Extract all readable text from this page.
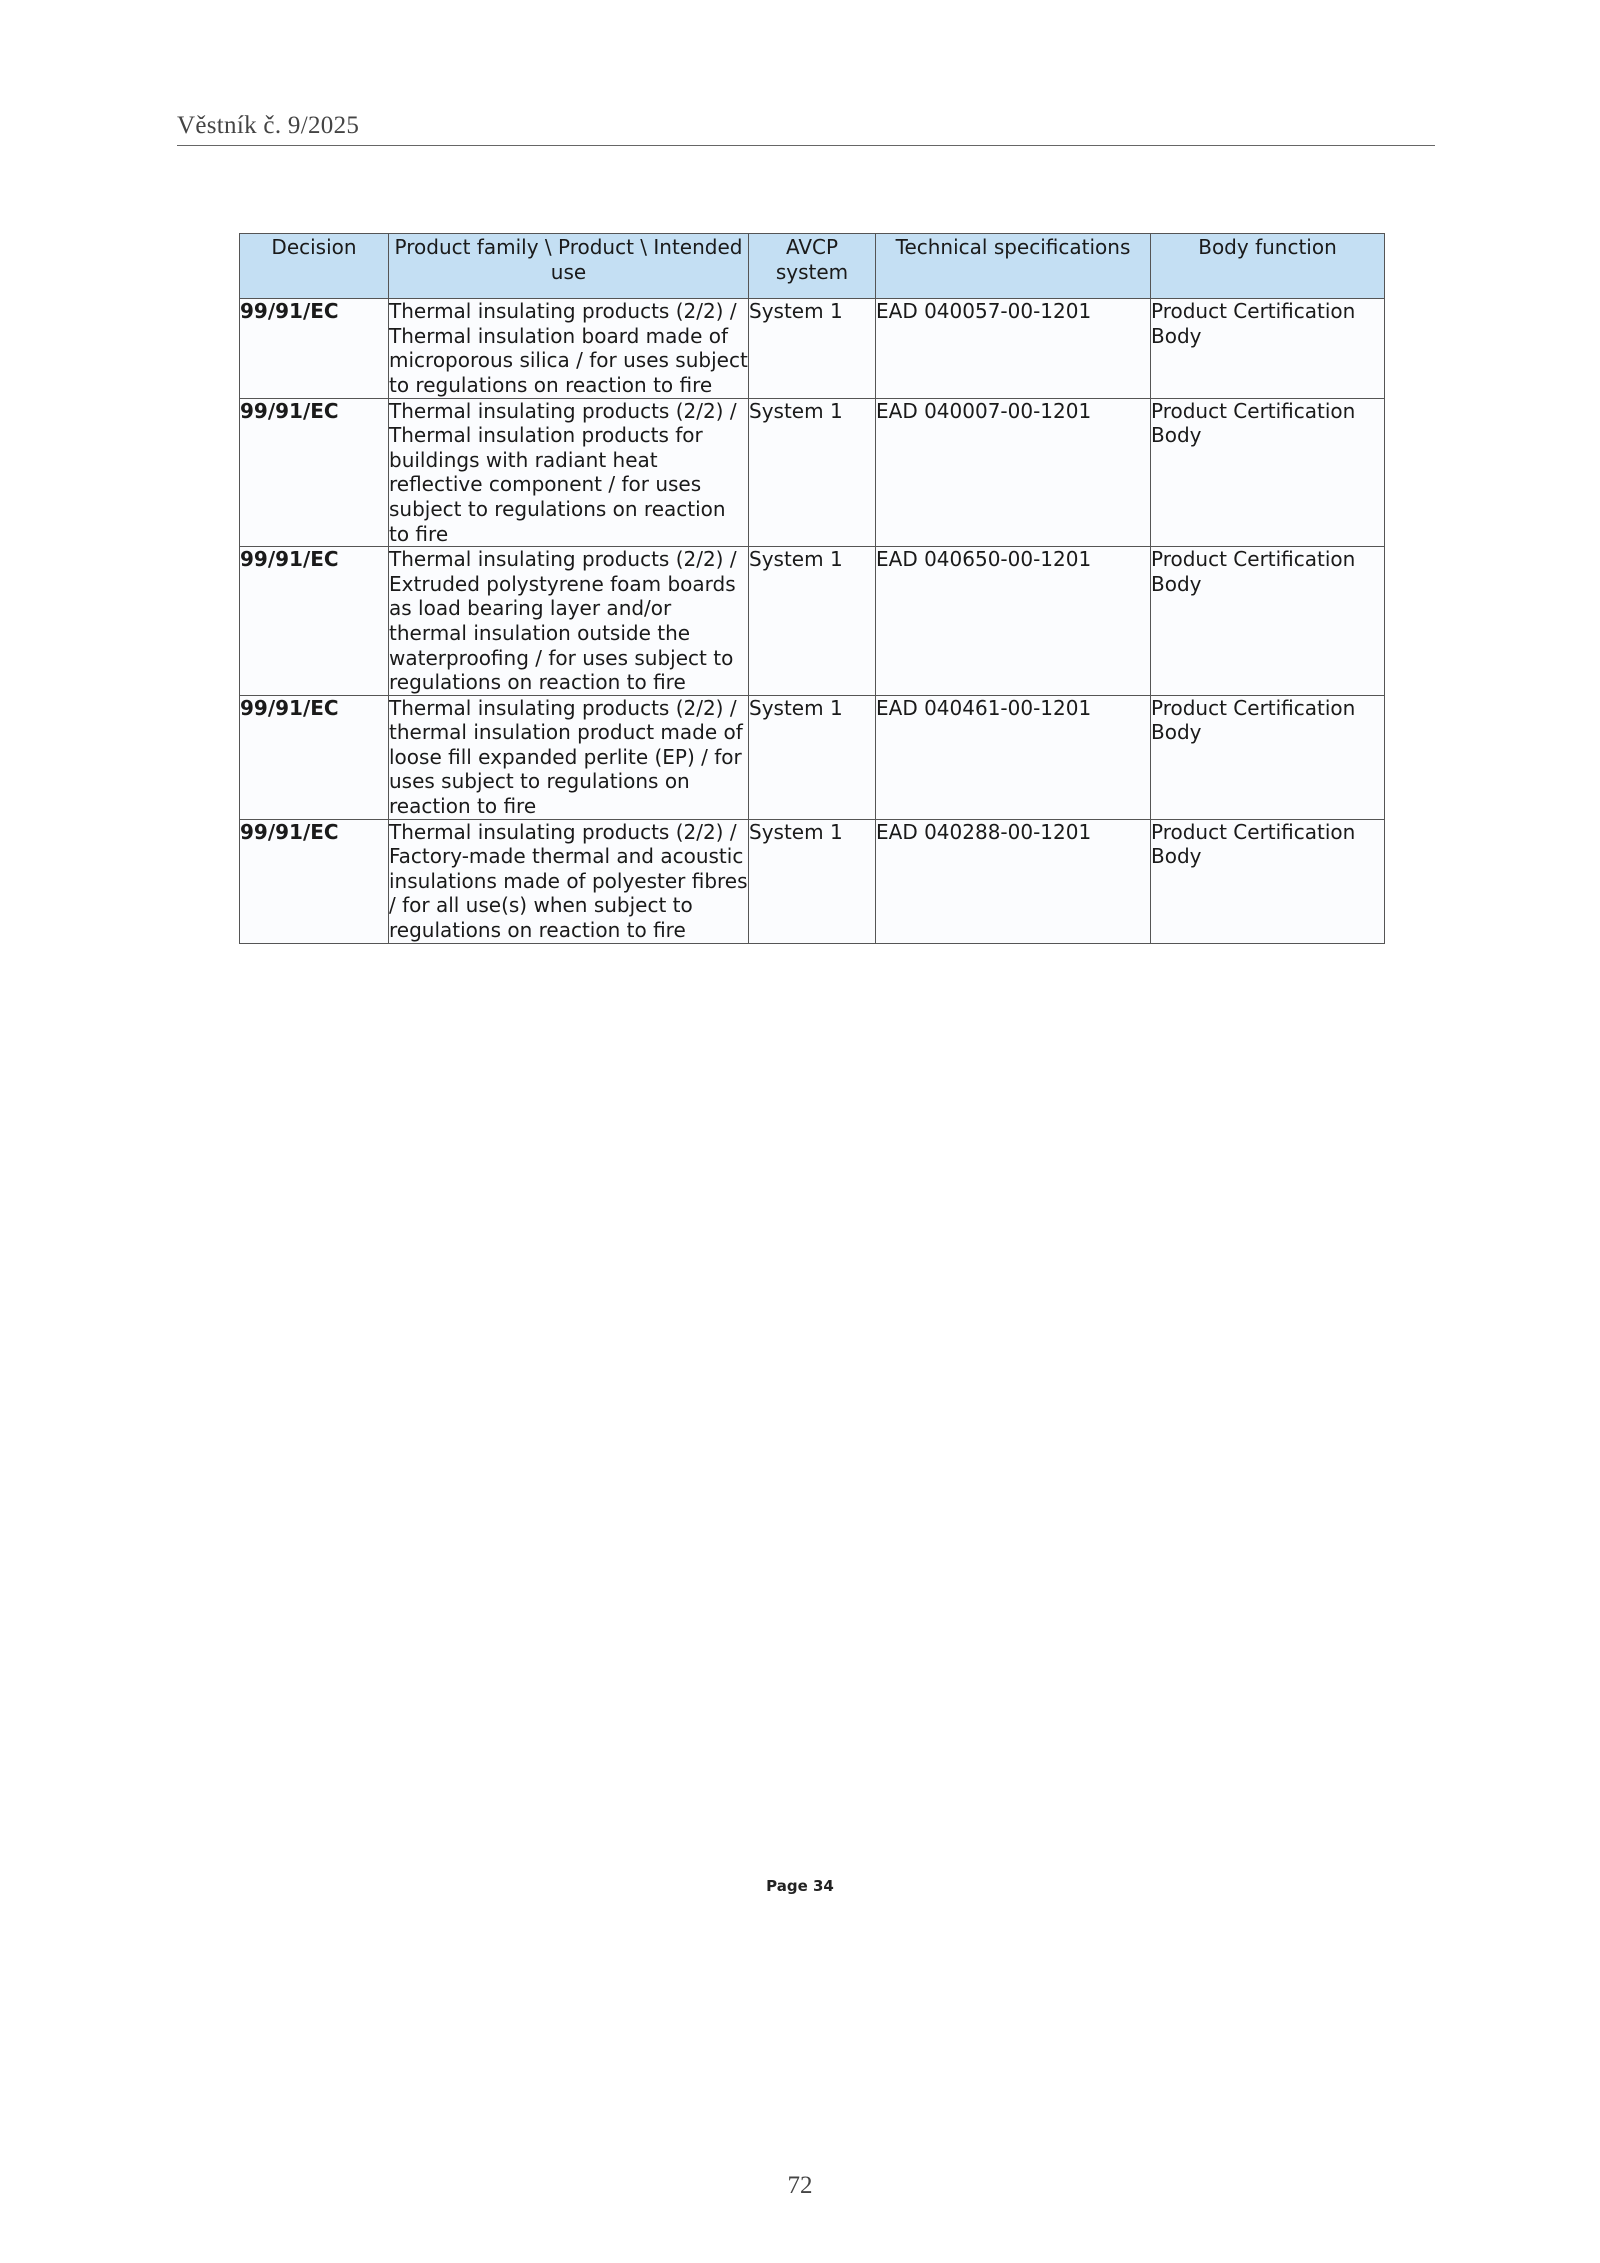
Věstník č. 9/2025
Decision	Product family \ Product \ Intended use	AVCP system	Technical specifications	Body function
99/91/EC	Thermal insulating products (2/2) / Thermal insulation board made of microporous silica / for uses subject to regulations on reaction to fire	System 1	EAD 040057-00-1201	Product Certification Body
99/91/EC	Thermal insulating products (2/2) / Thermal insulation products for buildings with radiant heat reflective component / for uses subject to regulations on reaction to fire	System 1	EAD 040007-00-1201	Product Certification Body
99/91/EC	Thermal insulating products (2/2) / Extruded polystyrene foam boards as load bearing layer and/or thermal insulation outside the waterproofing / for uses subject to regulations on reaction to fire	System 1	EAD 040650-00-1201	Product Certification Body
99/91/EC	Thermal insulating products (2/2) / thermal insulation product made of loose fill expanded perlite (EP) / for uses subject to regulations on reaction to fire	System 1	EAD 040461-00-1201	Product Certification Body
99/91/EC	Thermal insulating products (2/2) / Factory-made thermal and acoustic insulations made of polyester fibres / for all use(s) when subject to regulations on reaction to fire	System 1	EAD 040288-00-1201	Product Certification Body
Page 34
72
